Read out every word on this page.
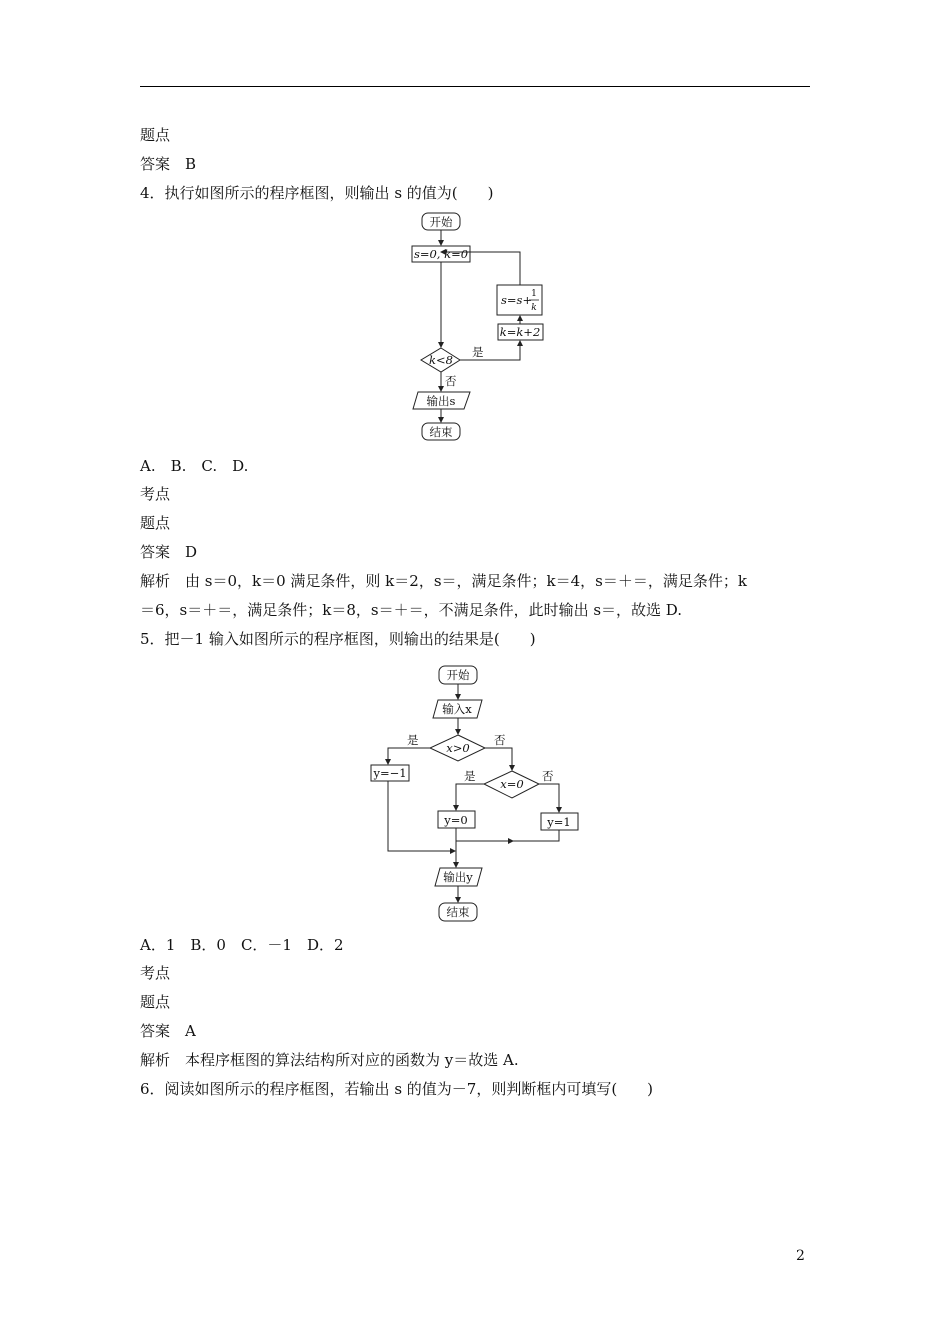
题点
答案　B
4．执行如图所示的程序框图，则输出 s 的值为(　　)
开始
s=0, k=0
s=s+ 1
k
k=k+2
是
k<8
否
输出s
结束
A.　B.　C.　D.
考点
题点
答案　D
解析　由 s＝0，k＝0 满足条件，则 k＝2，s＝，满足条件；k＝4，s＝＋＝，满足条件；k
＝6，s＝＋＝，满足条件；k＝8，s＝＋＝，不满足条件，此时输出 s＝，故选 D.
5．把－1 输入如图所示的程序框图，则输出的结果是(　　)
开始
输入x
x>0
是	否
y=−1
x=0
是	否
y=0	y=1
输出y
结束
A．1　B．0　C．－1　D．2
考点
题点
答案　A
解析　本程序框图的算法结构所对应的函数为 y＝故选 A.
6．阅读如图所示的程序框图，若输出 s 的值为－7，则判断框内可填写(　　)
2
